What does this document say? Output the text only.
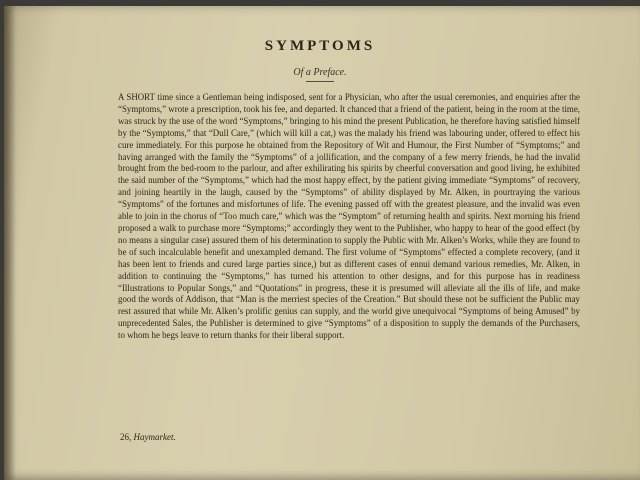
SYMPTOMS
Of a Preface.

A SHORT time since a Gentleman being indisposed, sent for a Physician, who after the usual ceremonies, and enquiries after the “Symptoms,” wrote a prescription, took his fee, and departed. It chanced that a friend of the patient, being in the room at the time, was struck by the use of the word “Symptoms,” bringing to his mind the present Publication, he therefore having satisfied himself by the “Symptoms,” that “Dull Care,” (which will kill a cat,) was the malady his friend was labouring under, offered to effect his cure immediately. For this purpose he obtained from the Repository of Wit and Humour, the First Number of “Symptoms;” and having arranged with the family the “Symptoms” of a jollification, and the company of a few merry friends, he had the invalid brought from the bed-room to the parlour, and after exhilirating his spirits by cheerful conversation and good living, he exhibited the said number of the “Symptoms,” which had the most happy effect, by the patient giving immediate “Symptoms” of recovery, and joining heartily in the laugh, caused by the “Symptoms” of ability displayed by Mr. Alken, in pourtraying the various “Symptoms” of the fortunes and misfortunes of life. The evening passed off with the greatest pleasure, and the invalid was even able to join in the chorus of “Too much care,” which was the “Symptom” of returning health and spirits. Next morning his friend proposed a walk to purchase more “Symptoms;” accordingly they went to the Publisher, who happy to hear of the good effect (by no means a singular case) assured them of his determination to supply the Public with Mr. Alken’s Works, while they are found to be of such incalculable benefit and unexampled demand. The first volume of “Symptoms” effected a complete recovery, (and it has been lent to friends and cured large parties since,) but as different cases of ennui demand various remedies, Mr. Alken, in addition to continuing the “Symptoms,” has turned his attention to other designs, and for this purpose has in readiness “Illustrations to Popular Songs,” and “Quotations” in progress, these it is presumed will alleviate all the ills of life, and make good the words of Addison, that “Man is the merriest species of the Creation.” But should these not be sufficient the Public may rest assured that while Mr. Alken’s prolific genius can supply, and the world give unequivocal “Symptoms of being Amused” by unprecedented Sales, the Publisher is determined to give “Symptoms” of a disposition to supply the demands of the Purchasers, to whom he begs leave to return thanks for their liberal support.

26, Haymarket.
